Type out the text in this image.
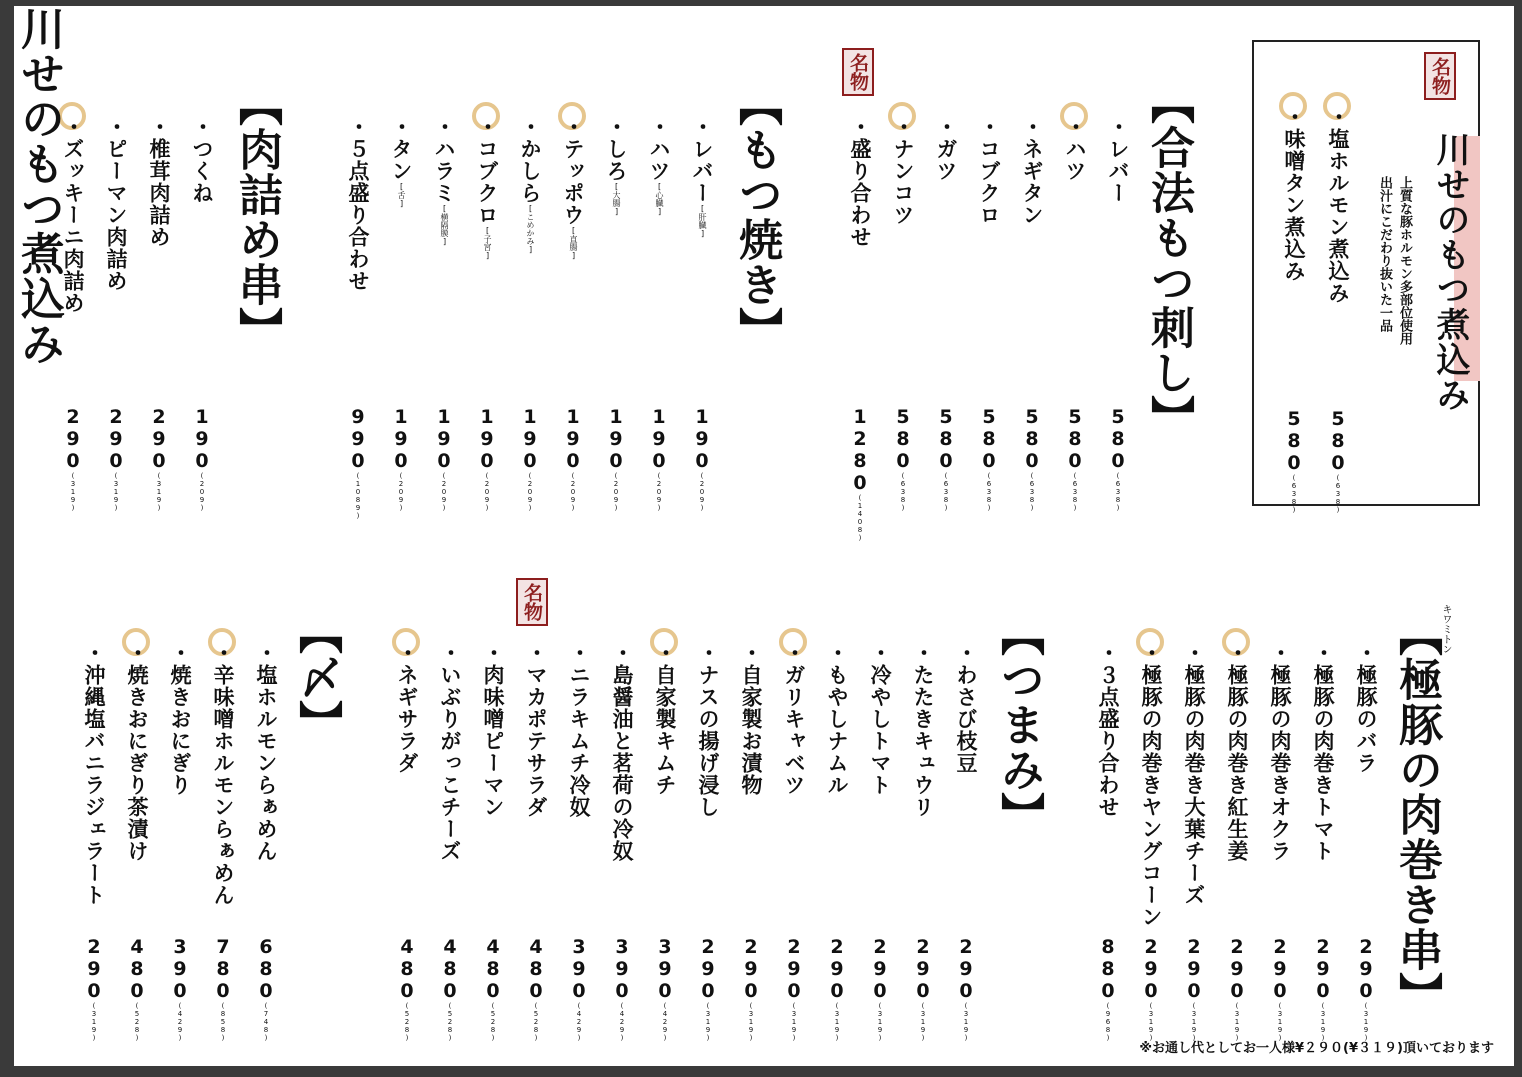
名物
川せのもつ煮込み
上質な豚ホルモン多部位使用
出汁にこだわり抜いた一品
※お通し代としてお一人様¥２９０(¥３１９)頂いております
川せのもつ煮込み	・塩ホルモン煮込み
580(638)
・味噌タン煮込み
580(638)
【合法もつ刺し】
・レバー
580(638)
・ハツ
580(638)
・ネギタン
580(638)
・コブクロ
580(638)
・ガツ
580(638)
・ナンコツ
580(638)
・盛り合わせ
1280(1408)
【もつ焼き】
・レバー[肝臓]
190(209)
・ハツ[心臓]
190(209)
・しろ[大腸]
190(209)
・テッポウ[直腸]
190(209)
・かしら[こめかみ]
190(209)
・コブクロ[子宮]
190(209)
・ハラミ[横隔膜]
190(209)
・タン[舌]
190(209)
・５点盛り合わせ
990(1089)
【肉詰め串】
・つくね
190(209)
・椎茸肉詰め
290(319)
・ピーマン肉詰め
290(319)
・ズッキーニ肉詰め
290(319)
【極豚の肉巻き串】
・極豚のバラ
290(319)
・極豚の肉巻きトマト
290(319)
・極豚の肉巻きオクラ
290(319)
・極豚の肉巻き紅生姜
290(319)
・極豚の肉巻き大葉チーズ
290(319)
・極豚の肉巻きヤングコーン
290(319)
・３点盛り合わせ
880(968)
【つまみ】
・わさび枝豆
290(319)
・たたきキュウリ
290(319)
・冷やしトマト
290(319)
・もやしナムル
290(319)
・ガリキャベツ
290(319)
・自家製お漬物
290(319)
・ナスの揚げ浸し
290(319)
・自家製キムチ
390(429)
・島醤油と茗荷の冷奴
390(429)
・ニラキムチ冷奴
390(429)
・マカポテサラダ
480(528)
・肉味噌ピーマン
480(528)
・いぶりがっこチーズ
480(528)
・ネギサラダ
480(528)
【〆】
・塩ホルモンらぁめん
680(748)
・辛味噌ホルモンらぁめん
780(858)
・焼きおにぎり
390(429)
・焼きおにぎり茶漬け
480(528)
・沖縄塩バニラジェラート
290(319)
名物
名物
キワミトン
